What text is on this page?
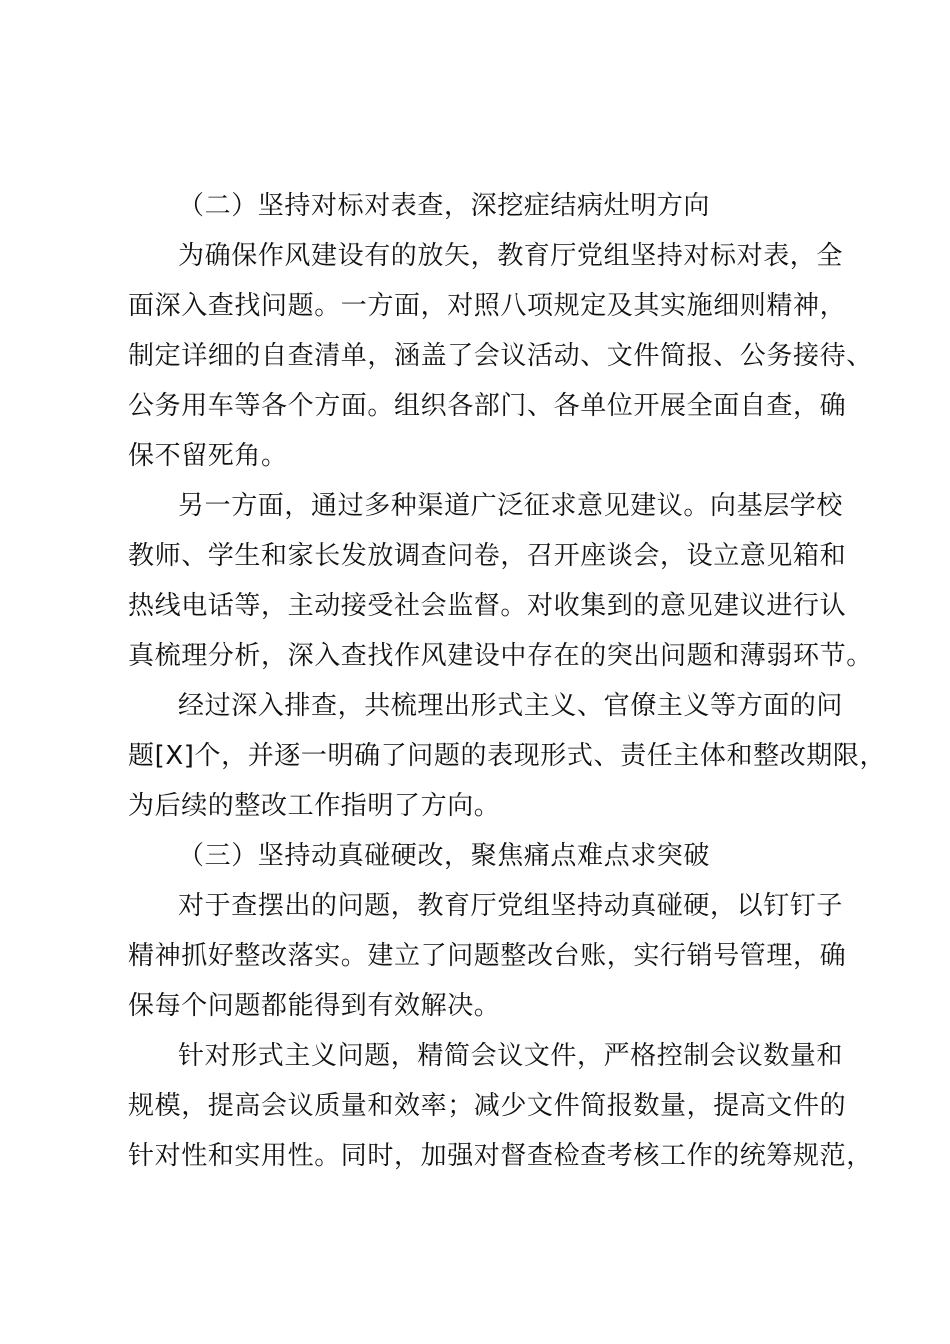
（二）坚持对标对表查，深挖症结病灶明方向
为确保作风建设有的放矢，教育厅党组坚持对标对表，全
面深入查找问题。一方面，对照八项规定及其实施细则精神，
制定详细的自查清单，涵盖了会议活动、文件简报、公务接待、
公务用车等各个方面。组织各部门、各单位开展全面自查，确
保不留死角。
另一方面，通过多种渠道广泛征求意见建议。向基层学校
教师、学生和家长发放调查问卷，召开座谈会，设立意见箱和
热线电话等，主动接受社会监督。对收集到的意见建议进行认
真梳理分析，深入查找作风建设中存在的突出问题和薄弱环节。
经过深入排查，共梳理出形式主义、官僚主义等方面的问
题[X]个，并逐一明确了问题的表现形式、责任主体和整改期限，
为后续的整改工作指明了方向。
（三）坚持动真碰硬改，聚焦痛点难点求突破
对于查摆出的问题，教育厅党组坚持动真碰硬，以钉钉子
精神抓好整改落实。建立了问题整改台账，实行销号管理，确
保每个问题都能得到有效解决。
针对形式主义问题，精简会议文件，严格控制会议数量和
规模，提高会议质量和效率；减少文件简报数量，提高文件的
针对性和实用性。同时，加强对督查检查考核工作的统筹规范，
